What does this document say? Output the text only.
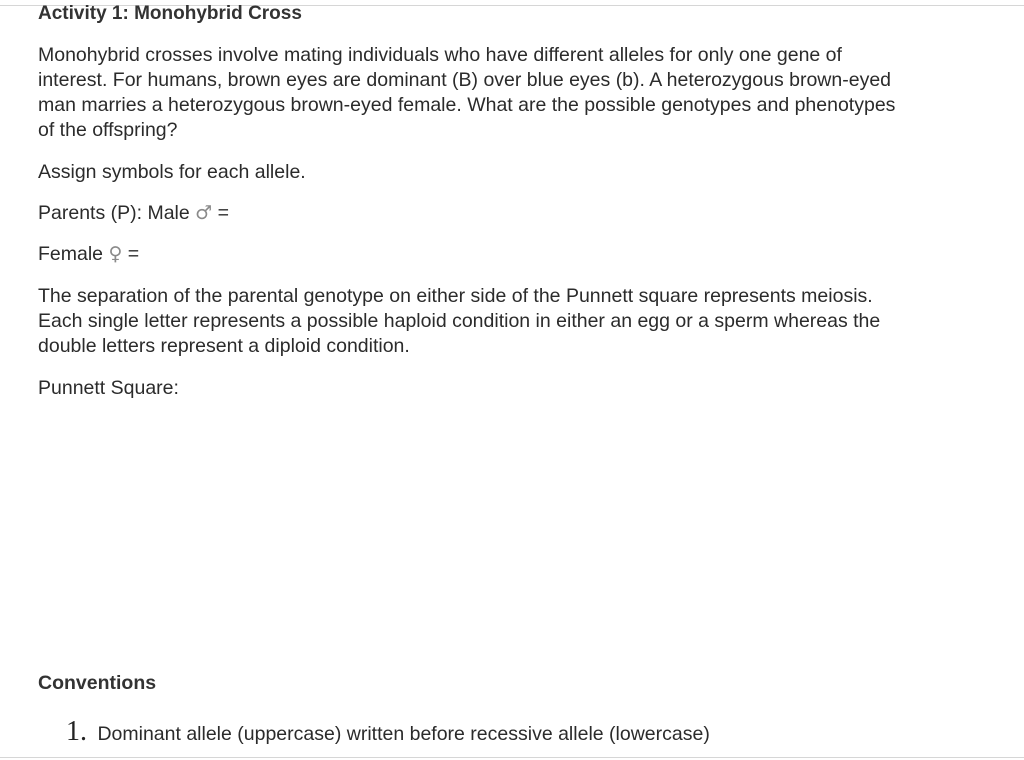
Activity 1: Monohybrid Cross

Monohybrid crosses involve mating individuals who have different alleles for only one gene of
interest. For humans, brown eyes are dominant (B) over blue eyes (b). A heterozygous brown-eyed
man marries a heterozygous brown-eyed female. What are the possible genotypes and phenotypes
of the offspring?

Assign symbols for each allele.

Parents (P): Male ♂ =

Female ♀ =

The separation of the parental genotype on either side of the Punnett square represents meiosis.
Each single letter represents a possible haploid condition in either an egg or a sperm whereas the
double letters represent a diploid condition.

Punnett Square:

Conventions
1. Dominant allele (uppercase) written before recessive allele (lowercase)
